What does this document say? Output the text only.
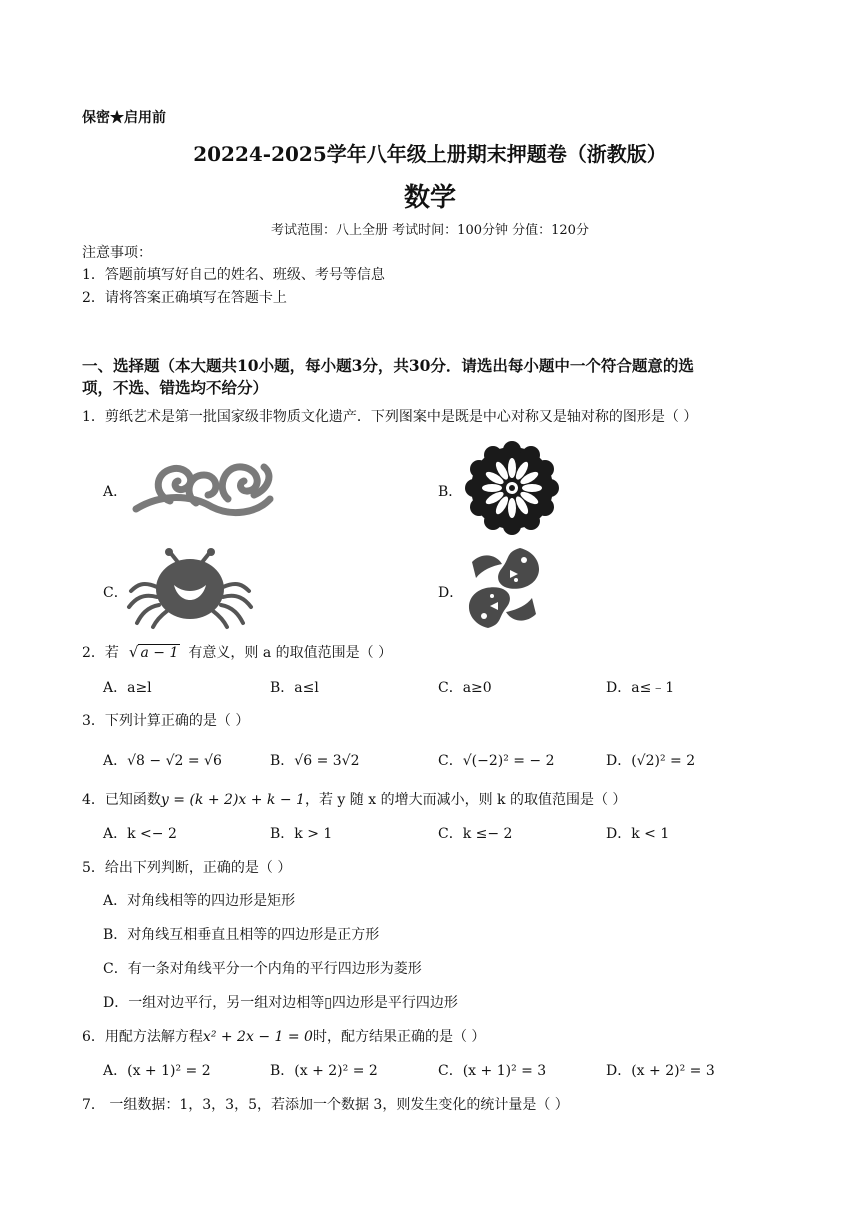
保密★启用前
20224-2025学年八年级上册期末押题卷（浙教版）
数学
考试范围：八上全册 考试时间：100分钟 分值：120分
注意事项：
1．答题前填写好自己的姓名、班级、考号等信息
2．请将答案正确填写在答题卡上
一、选择题（本大题共10小题，每小题3分，共30分．请选出每小题中一个符合题意的选
项，不选、错选均不给分）
1．剪纸艺术是第一批国家级非物质文化遗产．下列图案中是既是中心对称又是轴对称的图形是（ ）
A．	B．
C．	D．
2．若 √ a − 1 有意义，则 a 的取值范围是（ ）
A．a≥l	B．a≤l	C．a≥0	D．a≤﹣1
3．下列计算正确的是（ ）
A．√8 − √2 = √6	B．√6 = 3√2	C．√(−2)² = − 2	D．(√2)² = 2
4．已知函数y = (k + 2)x + k − 1，若 y 随 x 的增大而减小，则 k 的取值范围是（ ）
A．k <− 2	B．k > 1	C．k ≤− 2	D．k < 1
5．给出下列判断，正确的是（ ）
A．对角线相等的四边形是矩形
B．对角线互相垂直且相等的四边形是正方形
C．有一条对角线平分一个内角的平行四边形为菱形
D．一组对边平行，另一组对边相等▯四边形是平行四边形
6．用配方法解方程x² + 2x − 1 = 0时，配方结果正确的是（ ）
A．(x + 1)² = 2	B．(x + 2)² = 2	C．(x + 1)² = 3	D．(x + 2)² = 3
7． 一组数据：1，3，3，5，若添加一个数据 3，则发生变化的统计量是（ ）
